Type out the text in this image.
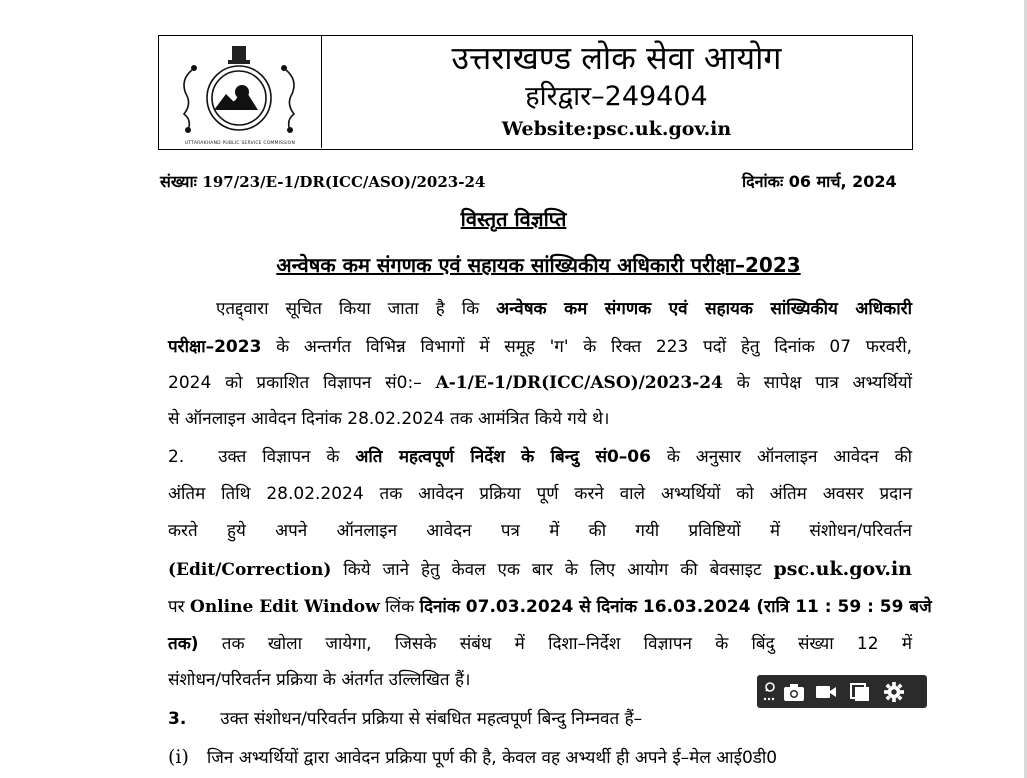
UTTARAKHAND PUBLIC SERVICE COMMISSION
उत्तराखण्ड लोक सेवा आयोग
हरिद्वार–249404
Website:psc.uk.gov.in
संख्याः 197/23/E-1/DR(ICC/ASO)/2023-24	दिनांकः 06 मार्च, 2024
विस्तृत विज्ञप्ति
अन्वेषक कम संगणक एवं सहायक सांख्यिकीय अधिकारी परीक्षा–2023
एतद्द्वारा सूचित किया जाता है कि अन्वेषक कम संगणक एवं सहायक सांख्यिकीय अधिकारी
परीक्षा–2023 के अन्तर्गत विभिन्न विभागों में समूह 'ग' के रिक्त 223 पदों हेतु दिनांक 07 फरवरी,
2024 को प्रकाशित विज्ञापन सं0:– A-1/E-1/DR(ICC/ASO)/2023-24 के सापेक्ष पात्र अभ्यर्थियों
से ऑनलाइन आवेदन दिनांक 28.02.2024 तक आमंत्रित किये गये थे।
2. उक्त विज्ञापन के अति महत्वपूर्ण निर्देश के बिन्दु सं0–06 के अनुसार ऑनलाइन आवेदन की
अंतिम तिथि 28.02.2024 तक आवेदन प्रक्रिया पूर्ण करने वाले अभ्यर्थियों को अंतिम अवसर प्रदान
करते हुये अपने ऑनलाइन आवेदन पत्र में की गयी प्रविष्टियों में संशोधन/परिवर्तन
(Edit/Correction) किये जाने हेतु केवल एक बार के लिए आयोग की बेवसाइट psc.uk.gov.in
पर Online Edit Window लिंक दिनांक 07.03.2024 से दिनांक 16.03.2024 (रात्रि 11 : 59 : 59 बजे
तक) तक खोला जायेगा, जिसके संबंध में दिशा–निर्देश विज्ञापन के बिंदु संख्या 12 में
संशोधन/परिवर्तन प्रक्रिया के अंतर्गत उल्लिखित हैं।
3. उक्त संशोधन/परिवर्तन प्रक्रिया से संबधित महत्वपूर्ण बिन्दु निम्नवत हैं–
(i) जिन अभ्यर्थियों द्वारा आवेदन प्रक्रिया पूर्ण की है, केवल वह अभ्यर्थी ही अपने ई–मेल आई0डी0
